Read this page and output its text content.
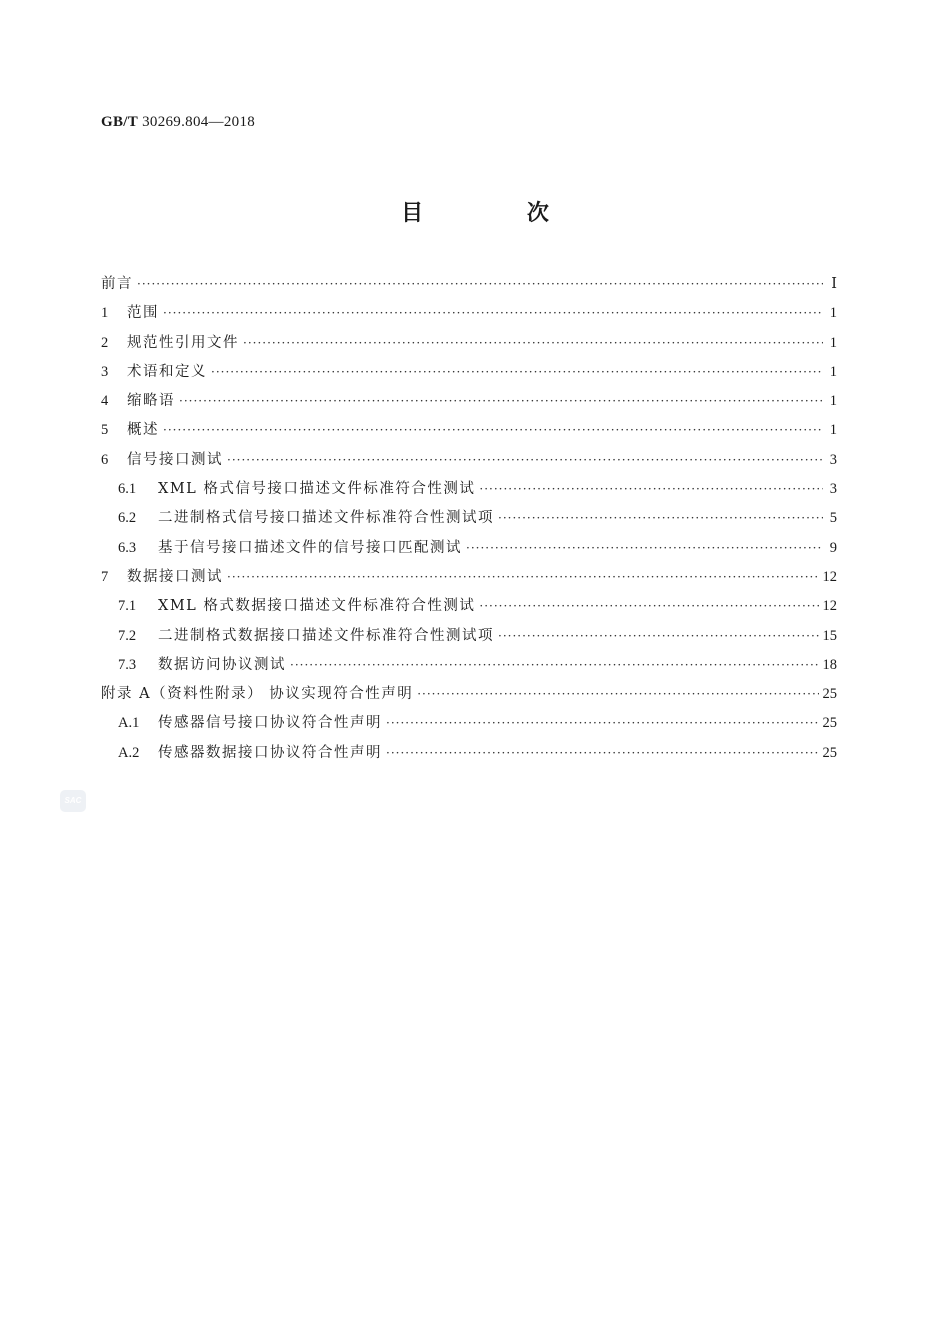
GB/T 30269.804—2018
目 次
前言 ·····	Ⅰ
1	范围 ·····	1
2	规范性引用文件 ·····	1
3	术语和定义 ·····	1
4	缩略语 ·····	1
5	概述 ·····	1
6	信号接口测试 ·····	3
6.1	XML 格式信号接口描述文件标准符合性测试 ·····	3
6.2	二进制格式信号接口描述文件标准符合性测试项 ·····	5
6.3	基于信号接口描述文件的信号接口匹配测试 ·····	9
7	数据接口测试 ·····	12
7.1	XML 格式数据接口描述文件标准符合性测试 ·····	12
7.2	二进制格式数据接口描述文件标准符合性测试项 ·····	15
7.3	数据访问协议测试 ·····	18
附录 A（资料性附录） 协议实现符合性声明 ·····	25
A.1	传感器信号接口协议符合性声明 ·····	25
A.2	传感器数据接口协议符合性声明 ·····	25
SAC
